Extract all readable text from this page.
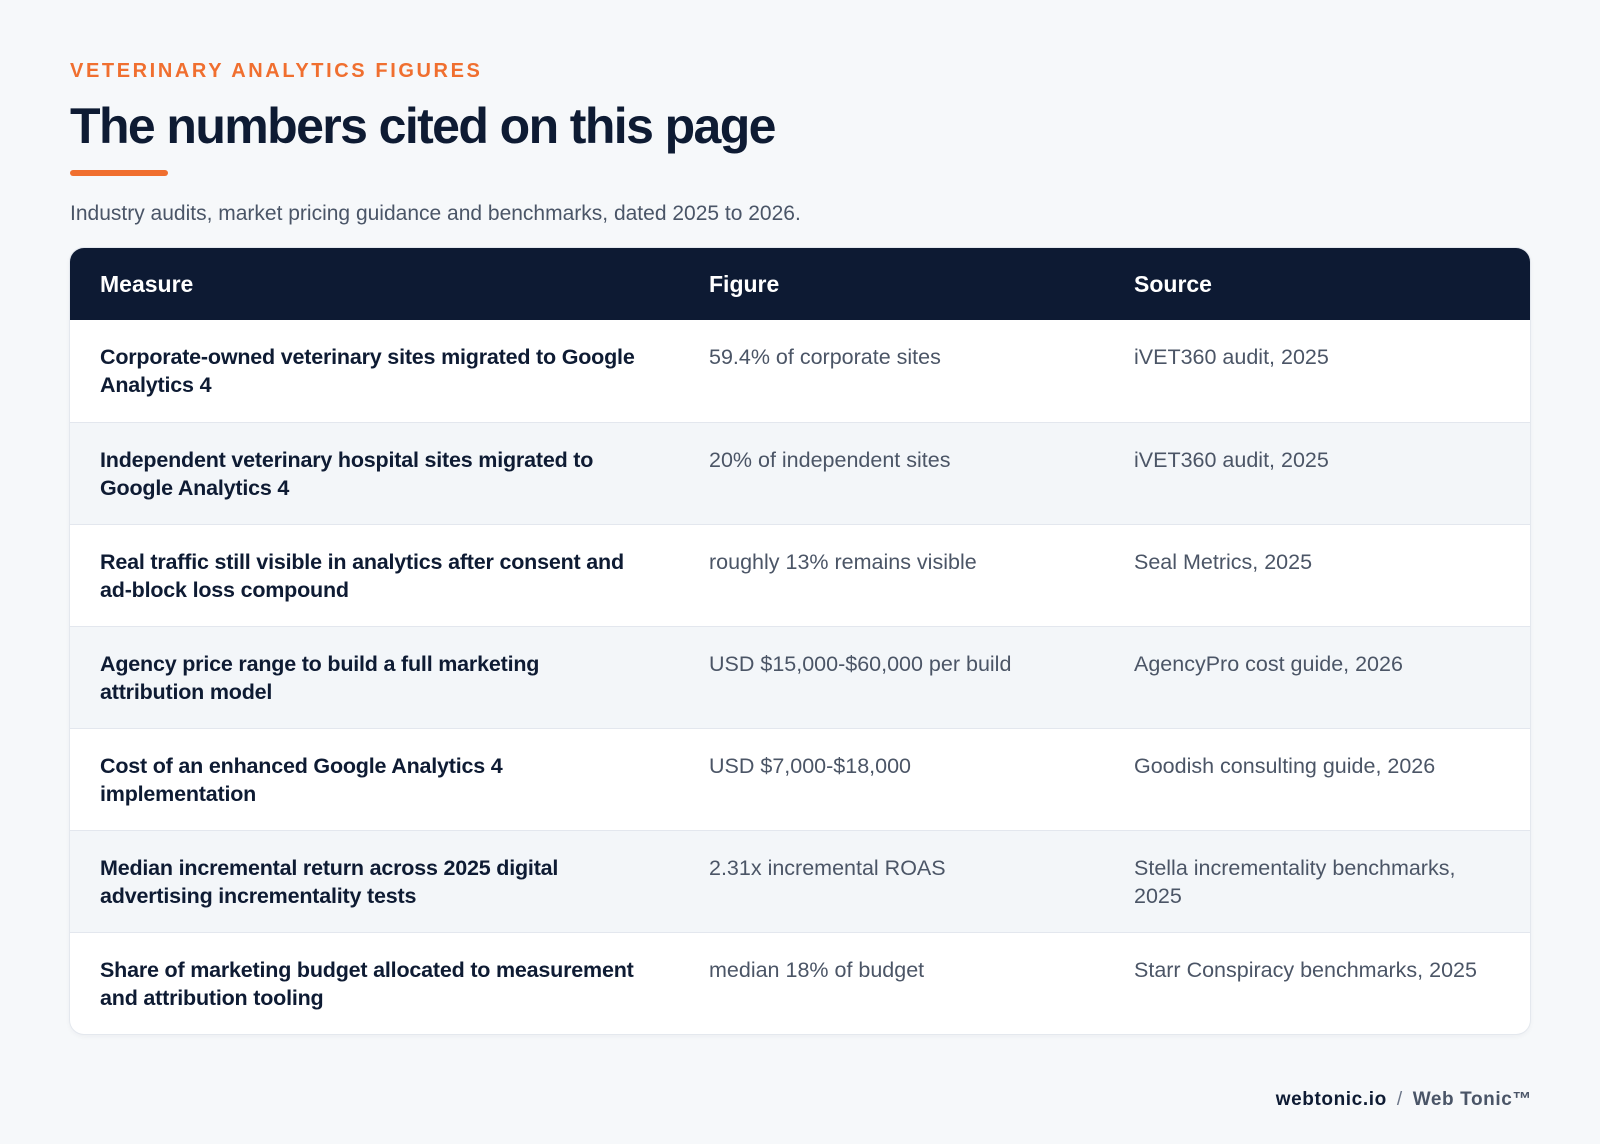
VETERINARY ANALYTICS FIGURES

The numbers cited on this page

Industry audits, market pricing guidance and benchmarks, dated 2025 to 2026.

Measure	Figure	Source
Corporate-owned veterinary sites migrated to Google Analytics 4	59.4% of corporate sites	iVET360 audit, 2025
Independent veterinary hospital sites migrated to Google Analytics 4	20% of independent sites	iVET360 audit, 2025
Real traffic still visible in analytics after consent and ad-block loss compound	roughly 13% remains visible	Seal Metrics, 2025
Agency price range to build a full marketing attribution model	USD $15,000-$60,000 per build	AgencyPro cost guide, 2026
Cost of an enhanced Google Analytics 4 implementation	USD $7,000-$18,000	Goodish consulting guide, 2026
Median incremental return across 2025 digital advertising incrementality tests	2.31x incremental ROAS	Stella incrementality benchmarks, 2025
Share of marketing budget allocated to measurement and attribution tooling	median 18% of budget	Starr Conspiracy benchmarks, 2025
webtonic.io / Web Tonic™
